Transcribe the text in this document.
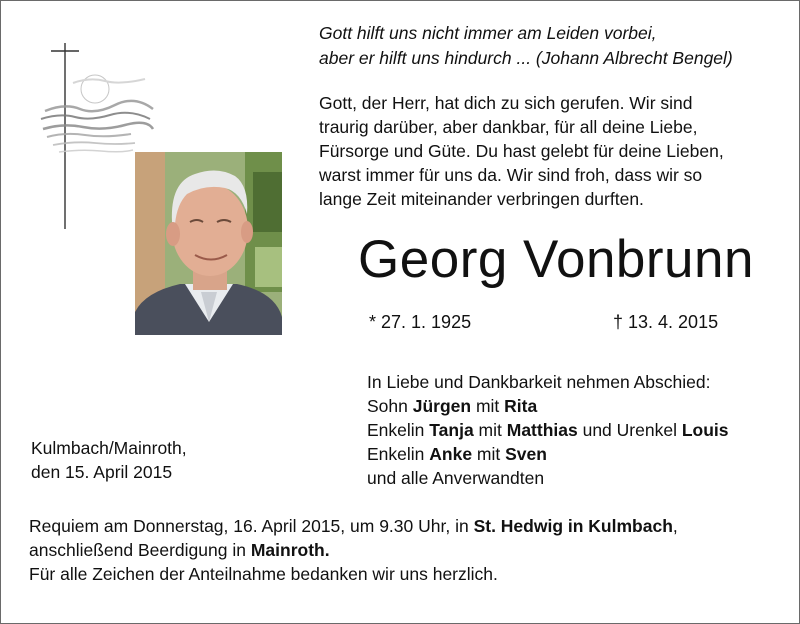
Gott hilft uns nicht immer am Leiden vorbei,
aber er hilft uns hindurch ... (Johann Albrecht Bengel)
Gott, der Herr, hat dich zu sich gerufen. Wir sind
traurig darüber, aber dankbar, für all deine Liebe,
Fürsorge und Güte. Du hast gelebt für deine Lieben,
warst immer für uns da. Wir sind froh, dass wir so
lange Zeit miteinander verbringen durften.
Georg Vonbrunn
* 27. 1. 1925	† 13. 4. 2015
In Liebe und Dankbarkeit nehmen Abschied:
Sohn Jürgen mit Rita
Enkelin Tanja mit Matthias und Urenkel Louis
Enkelin Anke mit Sven
und alle Anverwandten
Kulmbach/Mainroth,
den 15. April 2015
Requiem am Donnerstag, 16. April 2015, um 9.30 Uhr, in St. Hedwig in Kulmbach,
anschließend Beerdigung in Mainroth.
Für alle Zeichen der Anteilnahme bedanken wir uns herzlich.
